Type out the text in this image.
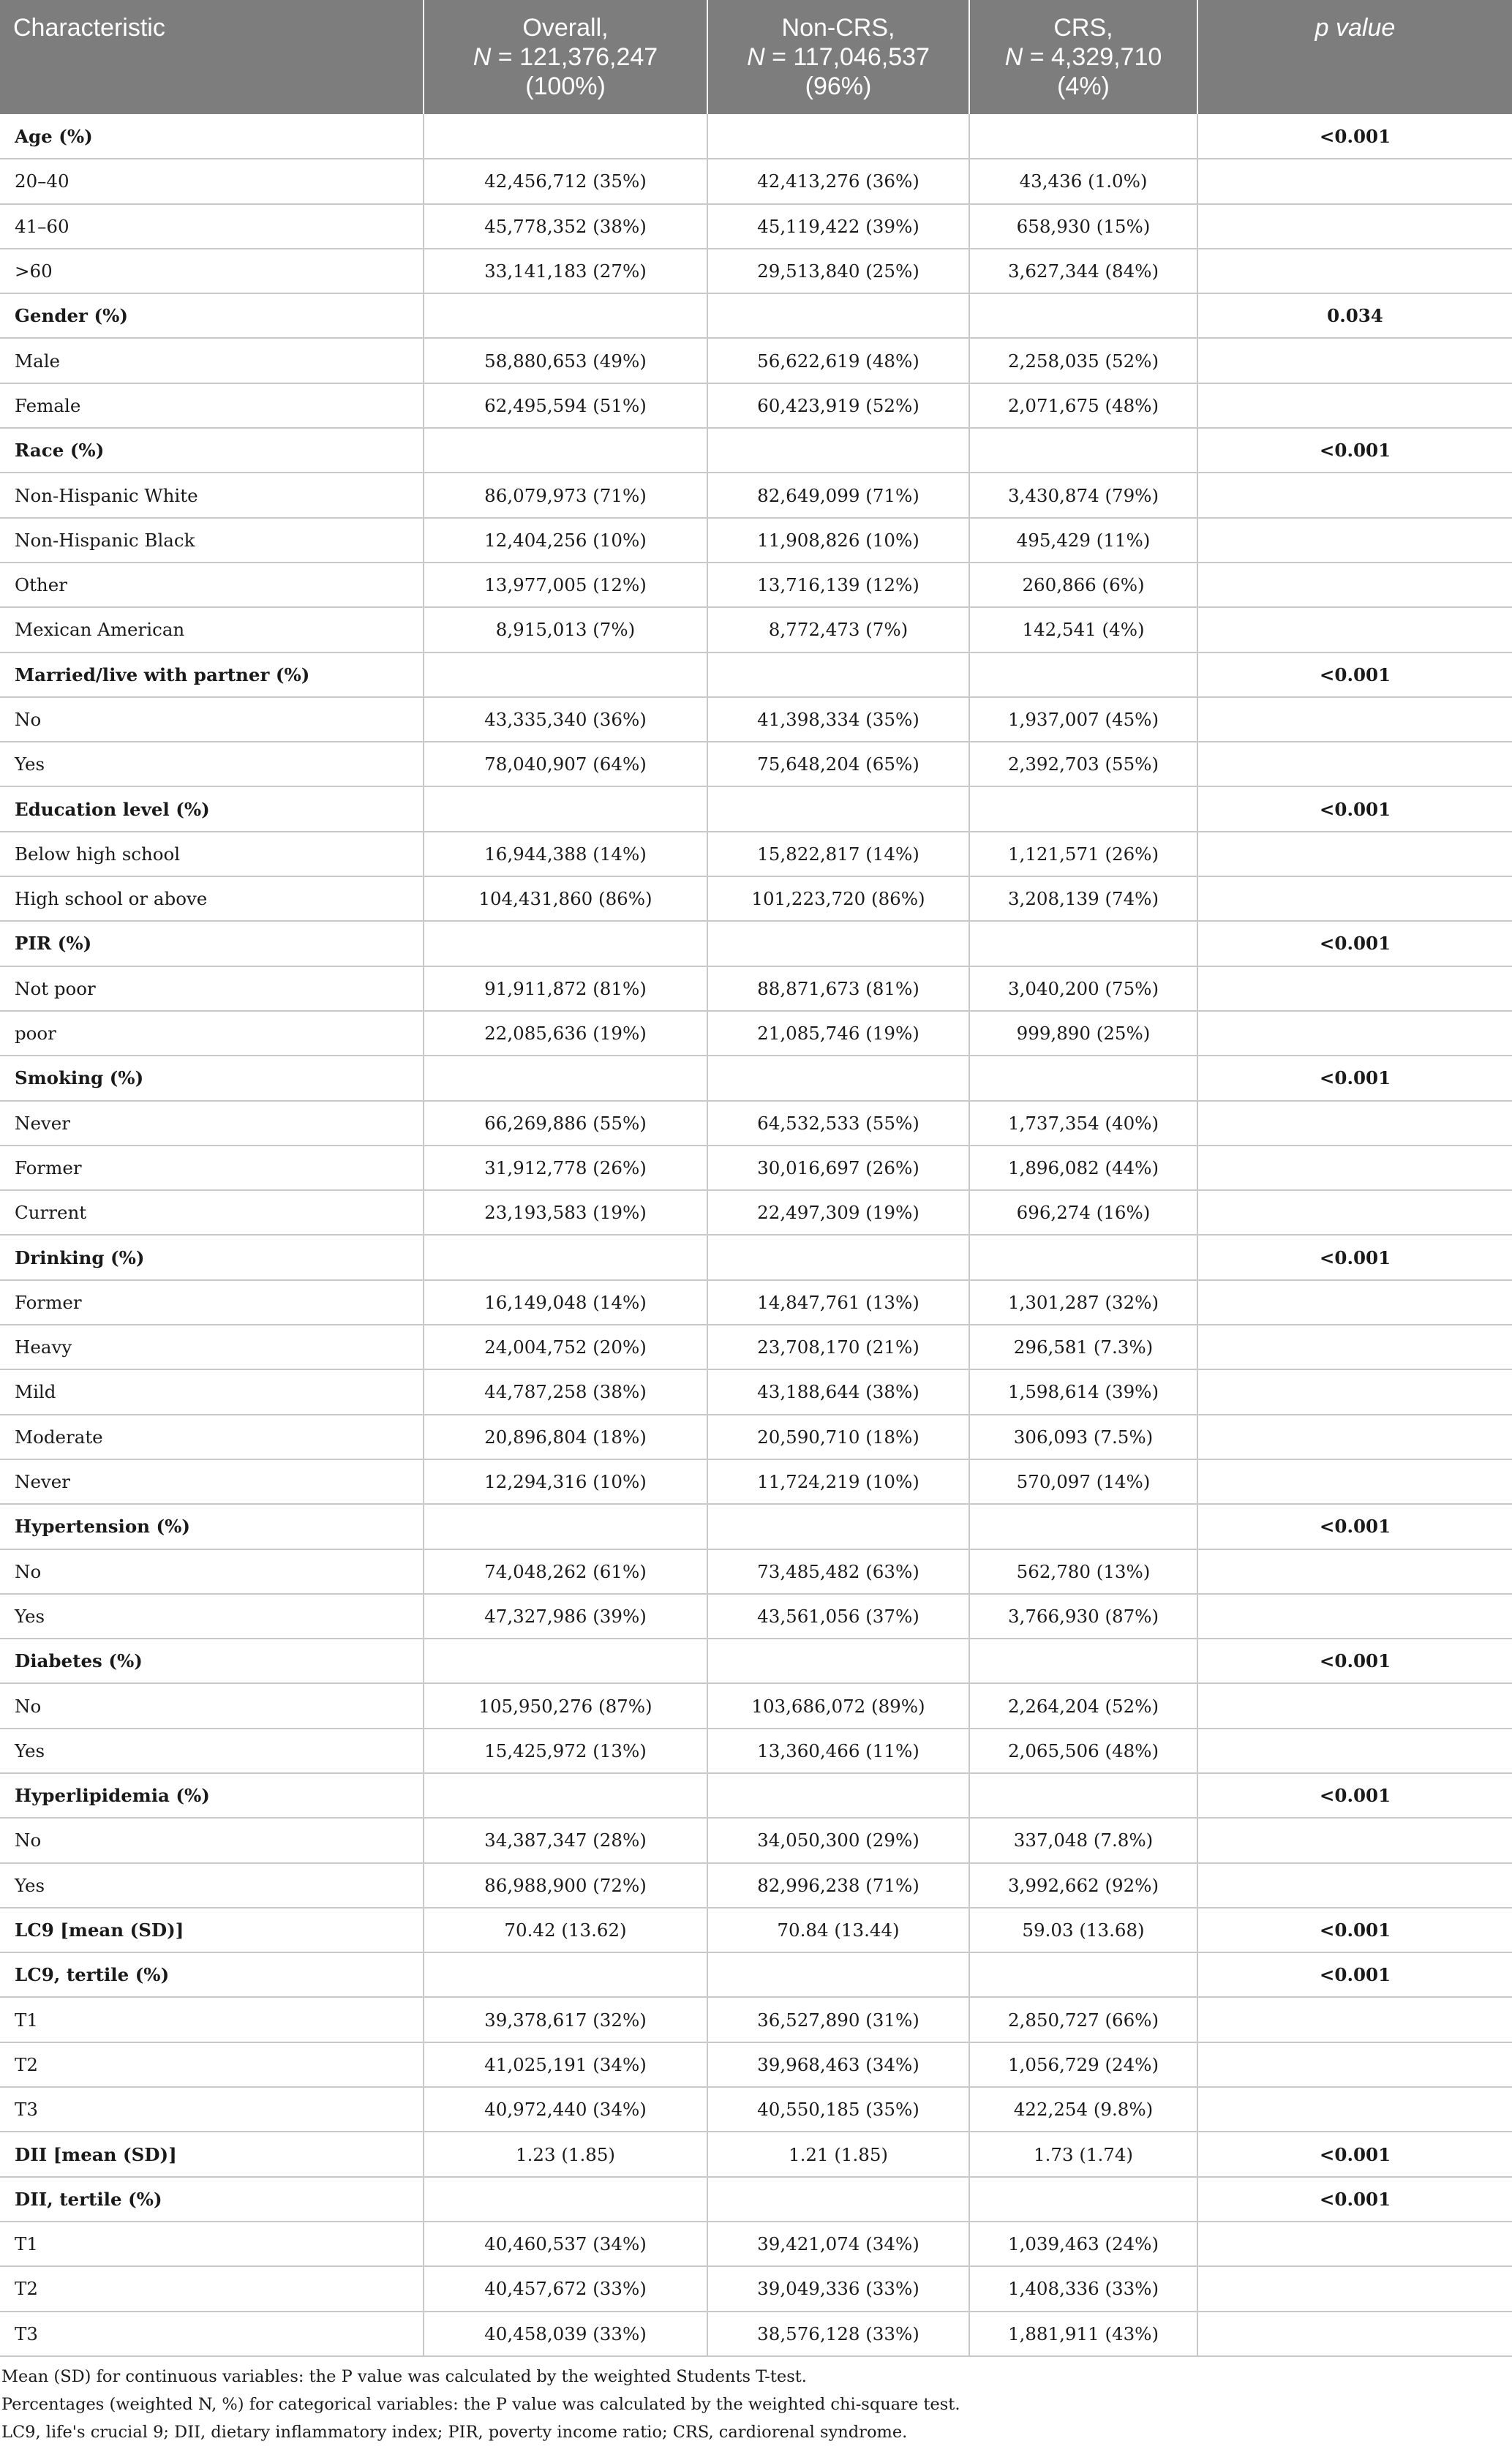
Characteristic	Overall,
N = 121,376,247
(100%)	Non-CRS,
N = 117,046,537
(96%)	CRS,
N = 4,329,710
(4%)	p value
Age (%)				<0.001
20–40	42,456,712 (35%)	42,413,276 (36%)	43,436 (1.0%)	
41–60	45,778,352 (38%)	45,119,422 (39%)	658,930 (15%)	
>60	33,141,183 (27%)	29,513,840 (25%)	3,627,344 (84%)	
Gender (%)				0.034
Male	58,880,653 (49%)	56,622,619 (48%)	2,258,035 (52%)	
Female	62,495,594 (51%)	60,423,919 (52%)	2,071,675 (48%)	
Race (%)				<0.001
Non-Hispanic White	86,079,973 (71%)	82,649,099 (71%)	3,430,874 (79%)	
Non-Hispanic Black	12,404,256 (10%)	11,908,826 (10%)	495,429 (11%)	
Other	13,977,005 (12%)	13,716,139 (12%)	260,866 (6%)	
Mexican American	8,915,013 (7%)	8,772,473 (7%)	142,541 (4%)	
Married/live with partner (%)				<0.001
No	43,335,340 (36%)	41,398,334 (35%)	1,937,007 (45%)	
Yes	78,040,907 (64%)	75,648,204 (65%)	2,392,703 (55%)	
Education level (%)				<0.001
Below high school	16,944,388 (14%)	15,822,817 (14%)	1,121,571 (26%)	
High school or above	104,431,860 (86%)	101,223,720 (86%)	3,208,139 (74%)	
PIR (%)				<0.001
Not poor	91,911,872 (81%)	88,871,673 (81%)	3,040,200 (75%)	
poor	22,085,636 (19%)	21,085,746 (19%)	999,890 (25%)	
Smoking (%)				<0.001
Never	66,269,886 (55%)	64,532,533 (55%)	1,737,354 (40%)	
Former	31,912,778 (26%)	30,016,697 (26%)	1,896,082 (44%)	
Current	23,193,583 (19%)	22,497,309 (19%)	696,274 (16%)	
Drinking (%)				<0.001
Former	16,149,048 (14%)	14,847,761 (13%)	1,301,287 (32%)	
Heavy	24,004,752 (20%)	23,708,170 (21%)	296,581 (7.3%)	
Mild	44,787,258 (38%)	43,188,644 (38%)	1,598,614 (39%)	
Moderate	20,896,804 (18%)	20,590,710 (18%)	306,093 (7.5%)	
Never	12,294,316 (10%)	11,724,219 (10%)	570,097 (14%)	
Hypertension (%)				<0.001
No	74,048,262 (61%)	73,485,482 (63%)	562,780 (13%)	
Yes	47,327,986 (39%)	43,561,056 (37%)	3,766,930 (87%)	
Diabetes (%)				<0.001
No	105,950,276 (87%)	103,686,072 (89%)	2,264,204 (52%)	
Yes	15,425,972 (13%)	13,360,466 (11%)	2,065,506 (48%)	
Hyperlipidemia (%)				<0.001
No	34,387,347 (28%)	34,050,300 (29%)	337,048 (7.8%)	
Yes	86,988,900 (72%)	82,996,238 (71%)	3,992,662 (92%)	
LC9 [mean (SD)]	70.42 (13.62)	70.84 (13.44)	59.03 (13.68)	<0.001
LC9, tertile (%)				<0.001
T1	39,378,617 (32%)	36,527,890 (31%)	2,850,727 (66%)	
T2	41,025,191 (34%)	39,968,463 (34%)	1,056,729 (24%)	
T3	40,972,440 (34%)	40,550,185 (35%)	422,254 (9.8%)	
DII [mean (SD)]	1.23 (1.85)	1.21 (1.85)	1.73 (1.74)	<0.001
DII, tertile (%)				<0.001
T1	40,460,537 (34%)	39,421,074 (34%)	1,039,463 (24%)	
T2	40,457,672 (33%)	39,049,336 (33%)	1,408,336 (33%)	
T3	40,458,039 (33%)	38,576,128 (33%)	1,881,911 (43%)	
Mean (SD) for continuous variables: the P value was calculated by the weighted Students T-test.
Percentages (weighted N, %) for categorical variables: the P value was calculated by the weighted chi-square test.
LC9, life's crucial 9; DII, dietary inflammatory index; PIR, poverty income ratio; CRS, cardiorenal syndrome.
